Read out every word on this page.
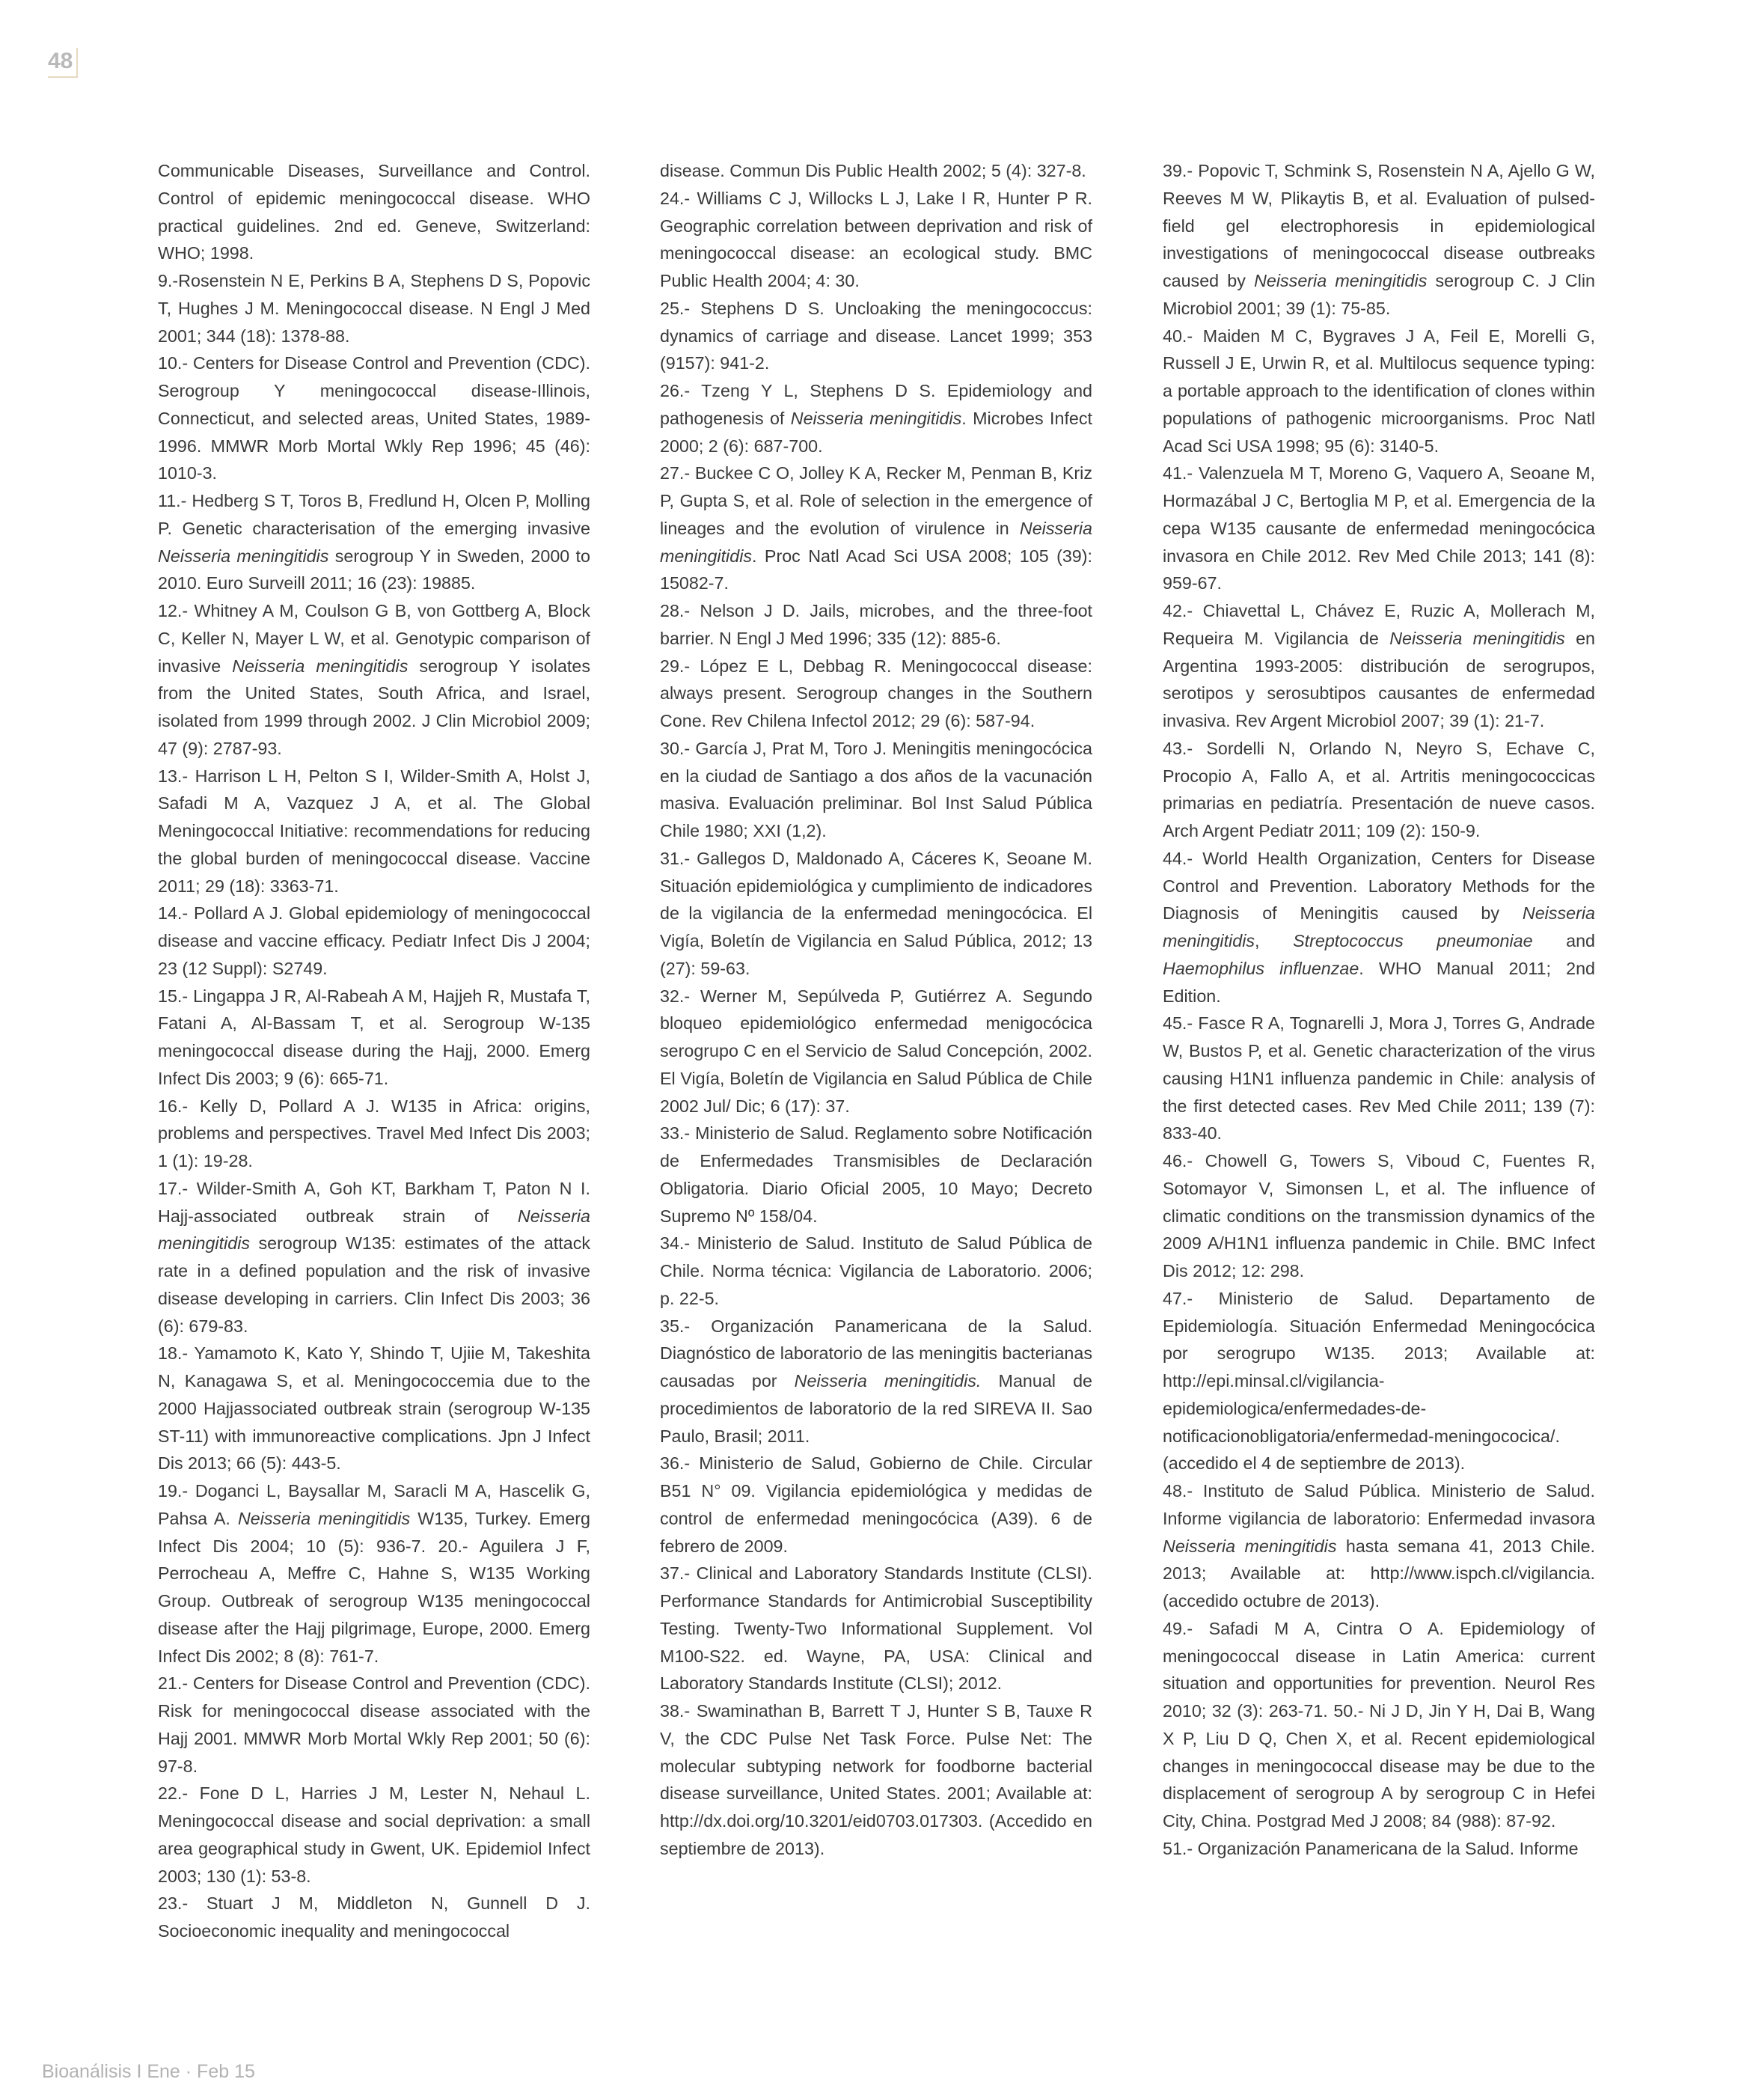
48

Communicable Diseases, Surveillance and Control. Control of epidemic meningococcal disease. WHO practical guidelines. 2nd ed. Geneve, Switzerland: WHO; 1998.

9.-Rosenstein N E, Perkins B A, Stephens D S, Popovic T, Hughes J M. Meningococcal disease. N Engl J Med 2001; 344 (18): 1378-88.

10.- Centers for Disease Control and Prevention (CDC). Serogroup Y meningococcal disease-Illinois, Connecticut, and selected areas, United States, 1989-1996. MMWR Morb Mortal Wkly Rep 1996; 45 (46): 1010-3.

11.- Hedberg S T, Toros B, Fredlund H, Olcen P, Molling P. Genetic characterisation of the emerging invasive Neisseria meningitidis serogroup Y in Sweden, 2000 to 2010. Euro Surveill 2011; 16 (23): 19885.

12.- Whitney A M, Coulson G B, von Gottberg A, Block C, Keller N, Mayer L W, et al. Genotypic comparison of invasive Neisseria meningitidis serogroup Y isolates from the United States, South Africa, and Israel, isolated from 1999 through 2002. J Clin Microbiol 2009; 47 (9): 2787-93.

13.- Harrison L H, Pelton S I, Wilder-Smith A, Holst J, Safadi M A, Vazquez J A, et al. The Global Meningococcal Initiative: recommendations for reducing the global burden of meningococcal disease. Vaccine 2011; 29 (18): 3363-71.

14.- Pollard A J. Global epidemiology of meningococcal disease and vaccine efficacy. Pediatr Infect Dis J 2004; 23 (12 Suppl): S2749.

15.- Lingappa J R, Al-Rabeah A M, Hajjeh R, Mustafa T, Fatani A, Al-Bassam T, et al. Serogroup W-135 meningococcal disease during the Hajj, 2000. Emerg Infect Dis 2003; 9 (6): 665-71.

16.- Kelly D, Pollard A J. W135 in Africa: origins, problems and perspectives. Travel Med Infect Dis 2003; 1 (1): 19-28.

17.- Wilder-Smith A, Goh KT, Barkham T, Paton N I. Hajj-associated outbreak strain of Neisseria meningitidis serogroup W135: estimates of the attack rate in a defined population and the risk of invasive disease developing in carriers. Clin Infect Dis 2003; 36 (6): 679-83.

18.- Yamamoto K, Kato Y, Shindo T, Ujiie M, Takeshita N, Kanagawa S, et al. Meningococcemia due to the 2000 Hajjassociated outbreak strain (serogroup W-135 ST-11) with immunoreactive complications. Jpn J Infect Dis 2013; 66 (5): 443-5.

19.- Doganci L, Baysallar M, Saracli M A, Hascelik G, Pahsa A. Neisseria meningitidis W135, Turkey. Emerg Infect Dis 2004; 10 (5): 936-7. 20.- Aguilera J F, Perrocheau A, Meffre C, Hahne S, W135 Working Group. Outbreak of serogroup W135 meningococcal disease after the Hajj pilgrimage, Europe, 2000. Emerg Infect Dis 2002; 8 (8): 761-7.

21.- Centers for Disease Control and Prevention (CDC). Risk for meningococcal disease associated with the Hajj 2001. MMWR Morb Mortal Wkly Rep 2001; 50 (6): 97-8.

22.- Fone D L, Harries J M, Lester N, Nehaul L. Meningococcal disease and social deprivation: a small area geographical study in Gwent, UK. Epidemiol Infect 2003; 130 (1): 53-8.

23.- Stuart J M, Middleton N, Gunnell D J. Socioeconomic inequality and meningococcal

disease. Commun Dis Public Health 2002; 5 (4): 327-8.

24.- Williams C J, Willocks L J, Lake I R, Hunter P R. Geographic correlation between deprivation and risk of meningococcal disease: an ecological study. BMC Public Health 2004; 4: 30.

25.- Stephens D S. Uncloaking the meningococcus: dynamics of carriage and disease. Lancet 1999; 353 (9157): 941-2.

26.- Tzeng Y L, Stephens D S. Epidemiology and pathogenesis of Neisseria meningitidis. Microbes Infect 2000; 2 (6): 687-700.

27.- Buckee C O, Jolley K A, Recker M, Penman B, Kriz P, Gupta S, et al. Role of selection in the emergence of lineages and the evolution of virulence in Neisseria meningitidis. Proc Natl Acad Sci USA 2008; 105 (39): 15082-7.

28.- Nelson J D. Jails, microbes, and the three-foot barrier. N Engl J Med 1996; 335 (12): 885-6.

29.- López E L, Debbag R. Meningococcal disease: always present. Serogroup changes in the Southern Cone. Rev Chilena Infectol 2012; 29 (6): 587-94.

30.- García J, Prat M, Toro J. Meningitis meningocócica en la ciudad de Santiago a dos años de la vacunación masiva. Evaluación preliminar. Bol Inst Salud Pública Chile 1980; XXI (1,2).

31.- Gallegos D, Maldonado A, Cáceres K, Seoane M. Situación epidemiológica y cumplimiento de indicadores de la vigilancia de la enfermedad meningocócica. El Vigía, Boletín de Vigilancia en Salud Pública, 2012; 13 (27): 59-63.

32.- Werner M, Sepúlveda P, Gutiérrez A. Segundo bloqueo epidemiológico enfermedad menigocócica serogrupo C en el Servicio de Salud Concepción, 2002. El Vigía, Boletín de Vigilancia en Salud Pública de Chile 2002 Jul/ Dic; 6 (17): 37.

33.- Ministerio de Salud. Reglamento sobre Notificación de Enfermedades Transmisibles de Declaración Obligatoria. Diario Oficial 2005, 10 Mayo; Decreto Supremo Nº 158/04.

34.- Ministerio de Salud. Instituto de Salud Pública de Chile. Norma técnica: Vigilancia de Laboratorio. 2006; p. 22-5.

35.- Organización Panamericana de la Salud. Diagnóstico de laboratorio de las meningitis bacterianas causadas por Neisseria meningitidis. Manual de procedimientos de laboratorio de la red SIREVA II. Sao Paulo, Brasil; 2011.

36.- Ministerio de Salud, Gobierno de Chile. Circular B51 N° 09. Vigilancia epidemiológica y medidas de control de enfermedad meningocócica (A39). 6 de febrero de 2009.

37.- Clinical and Laboratory Standards Institute (CLSI). Performance Standards for Antimicrobial Susceptibility Testing. Twenty-Two Informational Supplement. Vol M100-S22. ed. Wayne, PA, USA: Clinical and Laboratory Standards Institute (CLSI); 2012.

38.- Swaminathan B, Barrett T J, Hunter S B, Tauxe R V, the CDC Pulse Net Task Force. Pulse Net: The molecular subtyping network for foodborne bacterial disease surveillance, United States. 2001; Available at: http://dx.doi.org/10.3201/eid0703.017303. (Accedido en septiembre de 2013).

39.- Popovic T, Schmink S, Rosenstein N A, Ajello G W, Reeves M W, Plikaytis B, et al. Evaluation of pulsed-field gel electrophoresis in epidemiological investigations of meningococcal disease outbreaks caused by Neisseria meningitidis serogroup C. J Clin Microbiol 2001; 39 (1): 75-85.

40.- Maiden M C, Bygraves J A, Feil E, Morelli G, Russell J E, Urwin R, et al. Multilocus sequence typing: a portable approach to the identification of clones within populations of pathogenic microorganisms. Proc Natl Acad Sci USA 1998; 95 (6): 3140-5.

41.- Valenzuela M T, Moreno G, Vaquero A, Seoane M, Hormazábal J C, Bertoglia M P, et al. Emergencia de la cepa W135 causante de enfermedad meningocócica invasora en Chile 2012. Rev Med Chile 2013; 141 (8): 959-67.

42.- Chiavettal L, Chávez E, Ruzic A, Mollerach M, Requeira M. Vigilancia de Neisseria meningitidis en Argentina 1993-2005: distribución de serogrupos, serotipos y serosubtipos causantes de enfermedad invasiva. Rev Argent Microbiol 2007; 39 (1): 21-7.

43.- Sordelli N, Orlando N, Neyro S, Echave C, Procopio A, Fallo A, et al. Artritis meningococcicas primarias en pediatría. Presentación de nueve casos. Arch Argent Pediatr 2011; 109 (2): 150-9.

44.- World Health Organization, Centers for Disease Control and Prevention. Laboratory Methods for the Diagnosis of Meningitis caused by Neisseria meningitidis, Streptococcus pneumoniae and Haemophilus influenzae. WHO Manual 2011; 2nd Edition.

45.- Fasce R A, Tognarelli J, Mora J, Torres G, Andrade W, Bustos P, et al. Genetic characterization of the virus causing H1N1 influenza pandemic in Chile: analysis of the first detected cases. Rev Med Chile 2011; 139 (7): 833-40.

46.- Chowell G, Towers S, Viboud C, Fuentes R, Sotomayor V, Simonsen L, et al. The influence of climatic conditions on the transmission dynamics of the 2009 A/H1N1 influenza pandemic in Chile. BMC Infect Dis 2012; 12: 298.

47.- Ministerio de Salud. Departamento de Epidemiología. Situación Enfermedad Meningocócica por serogrupo W135. 2013; Available at: http://epi.minsal.cl/vigilancia-epidemiologica/enfermedades-de-notificacionobligatoria/enfermedad-meningococica/. (accedido el 4 de septiembre de 2013).

48.- Instituto de Salud Pública. Ministerio de Salud. Informe vigilancia de laboratorio: Enfermedad invasora Neisseria meningitidis hasta semana 41, 2013 Chile. 2013; Available at: http://www.ispch.cl/vigilancia. (accedido octubre de 2013).

49.- Safadi M A, Cintra O A. Epidemiology of meningococcal disease in Latin America: current situation and opportunities for prevention. Neurol Res 2010; 32 (3): 263-71. 50.- Ni J D, Jin Y H, Dai B, Wang X P, Liu D Q, Chen X, et al. Recent epidemiological changes in meningococcal disease may be due to the displacement of serogroup A by serogroup C in Hefei City, China. Postgrad Med J 2008; 84 (988): 87-92.

51.- Organización Panamericana de la Salud. Informe

Bioanálisis I Ene · Feb 15
